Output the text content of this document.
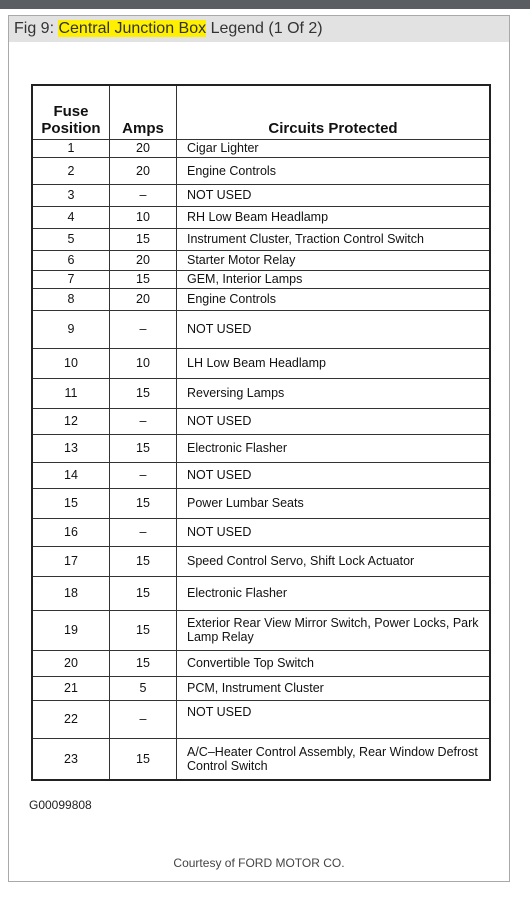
Fig 9: Central Junction Box Legend (1 Of 2)
Fuse
Position	Amps	Circuits Protected
1	20	Cigar Lighter
2	20	Engine Controls
3	–	NOT USED
4	10	RH Low Beam Headlamp
5	15	Instrument Cluster, Traction Control Switch
6	20	Starter Motor Relay
7	15	GEM, Interior Lamps
8	20	Engine Controls
9	–	NOT USED
10	10	LH Low Beam Headlamp
11	15	Reversing Lamps
12	–	NOT USED
13	15	Electronic Flasher
14	–	NOT USED
15	15	Power Lumbar Seats
16	–	NOT USED
17	15	Speed Control Servo, Shift Lock Actuator
18	15	Electronic Flasher
19	15	Exterior Rear View Mirror Switch, Power Locks, Park Lamp Relay
20	15	Convertible Top Switch
21	5	PCM, Instrument Cluster
22	–	NOT USED
23	15	A/C–Heater Control Assembly, Rear Window Defrost Control Switch
G00099808
Courtesy of FORD MOTOR CO.
